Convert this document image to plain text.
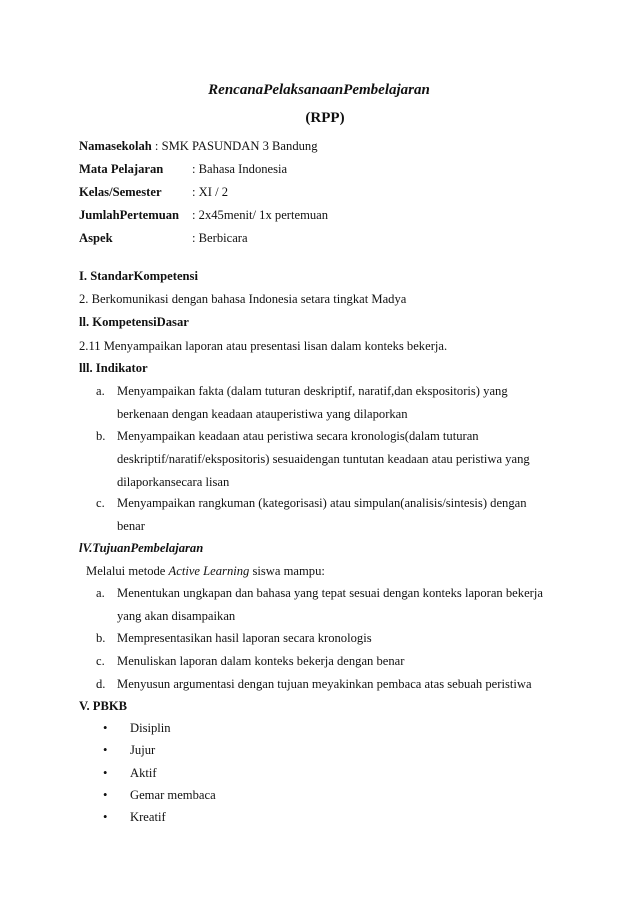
RencanaPelaksanaanPembelajaran
(RPP)
Namasekolah : SMK PASUNDAN 3 Bandung
Mata Pelajaran : Bahasa Indonesia
Kelas/Semester : XI / 2
JumlahPertemuan : 2x45menit/ 1x pertemuan
Aspek	: Berbicara
I. StandarKompetensi
2. Berkomunikasi dengan bahasa Indonesia setara tingkat Madya
ll. KompetensiDasar
2.11 Menyampaikan laporan atau presentasi lisan dalam konteks bekerja.
lll. Indikator
a. Menyampaikan fakta (dalam tuturan deskriptif, naratif,dan ekspositoris) yang
berkenaan dengan keadaan atauperistiwa yang dilaporkan
b. Menyampaikan keadaan atau peristiwa secara kronologis(dalam tuturan
deskriptif/naratif/ekspositoris) sesuaidengan tuntutan keadaan atau peristiwa yang
dilaporkansecara lisan
c. Menyampaikan rangkuman (kategorisasi) atau simpulan(analisis/sintesis) dengan
benar
lV.TujuanPembelajaran
Melalui metode Active Learning siswa mampu:
a. Menentukan ungkapan dan bahasa yang tepat sesuai dengan konteks laporan bekerja
yang akan disampaikan
b. Mempresentasikan hasil laporan secara kronologis
c. Menuliskan laporan dalam konteks bekerja dengan benar
d. Menyusun argumentasi dengan tujuan meyakinkan pembaca atas sebuah peristiwa
V. PBKB
• Disiplin
• Jujur
• Aktif
• Gemar membaca
• Kreatif
